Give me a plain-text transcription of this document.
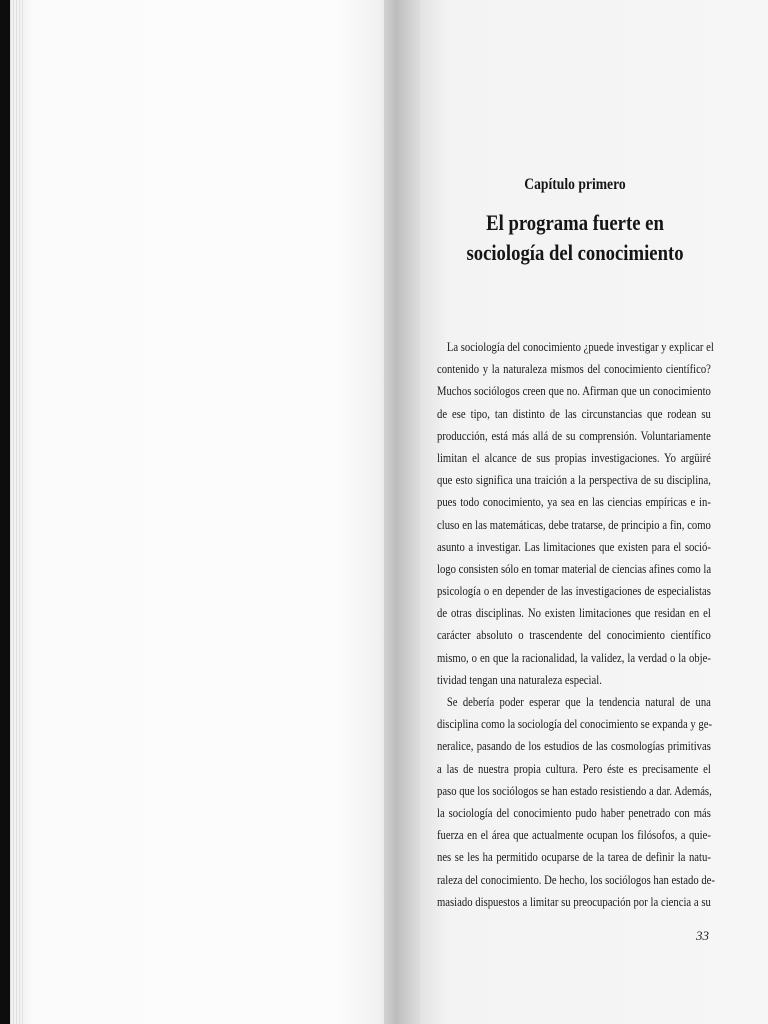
Capítulo primero
El programa fuerte en
sociología del conocimiento
La sociología del conocimiento ¿puede investigar y explicar el
contenido y la naturaleza mismos del conocimiento científico?
Muchos sociólogos creen que no. Afirman que un conocimiento
de ese tipo, tan distinto de las circunstancias que rodean su
producción, está más allá de su comprensión. Voluntariamente
limitan el alcance de sus propias investigaciones. Yo argüiré
que esto significa una traición a la perspectiva de su disciplina,
pues todo conocimiento, ya sea en las ciencias empíricas e in-
cluso en las matemáticas, debe tratarse, de principio a fin, como
asunto a investigar. Las limitaciones que existen para el soció-
logo consisten sólo en tomar material de ciencias afines como la
psicología o en depender de las investigaciones de especialistas
de otras disciplinas. No existen limitaciones que residan en el
carácter absoluto o trascendente del conocimiento científico
mismo, o en que la racionalidad, la validez, la verdad o la obje-
tividad tengan una naturaleza especial.
Se debería poder esperar que la tendencia natural de una
disciplina como la sociología del conocimiento se expanda y ge-
neralice, pasando de los estudios de las cosmologías primitivas
a las de nuestra propia cultura. Pero éste es precisamente el
paso que los sociólogos se han estado resistiendo a dar. Además,
la sociología del conocimiento pudo haber penetrado con más
fuerza en el área que actualmente ocupan los filósofos, a quie-
nes se les ha permitido ocuparse de la tarea de definir la natu-
raleza del conocimiento. De hecho, los sociólogos han estado de-
masiado dispuestos a limitar su preocupación por la ciencia a su
33
